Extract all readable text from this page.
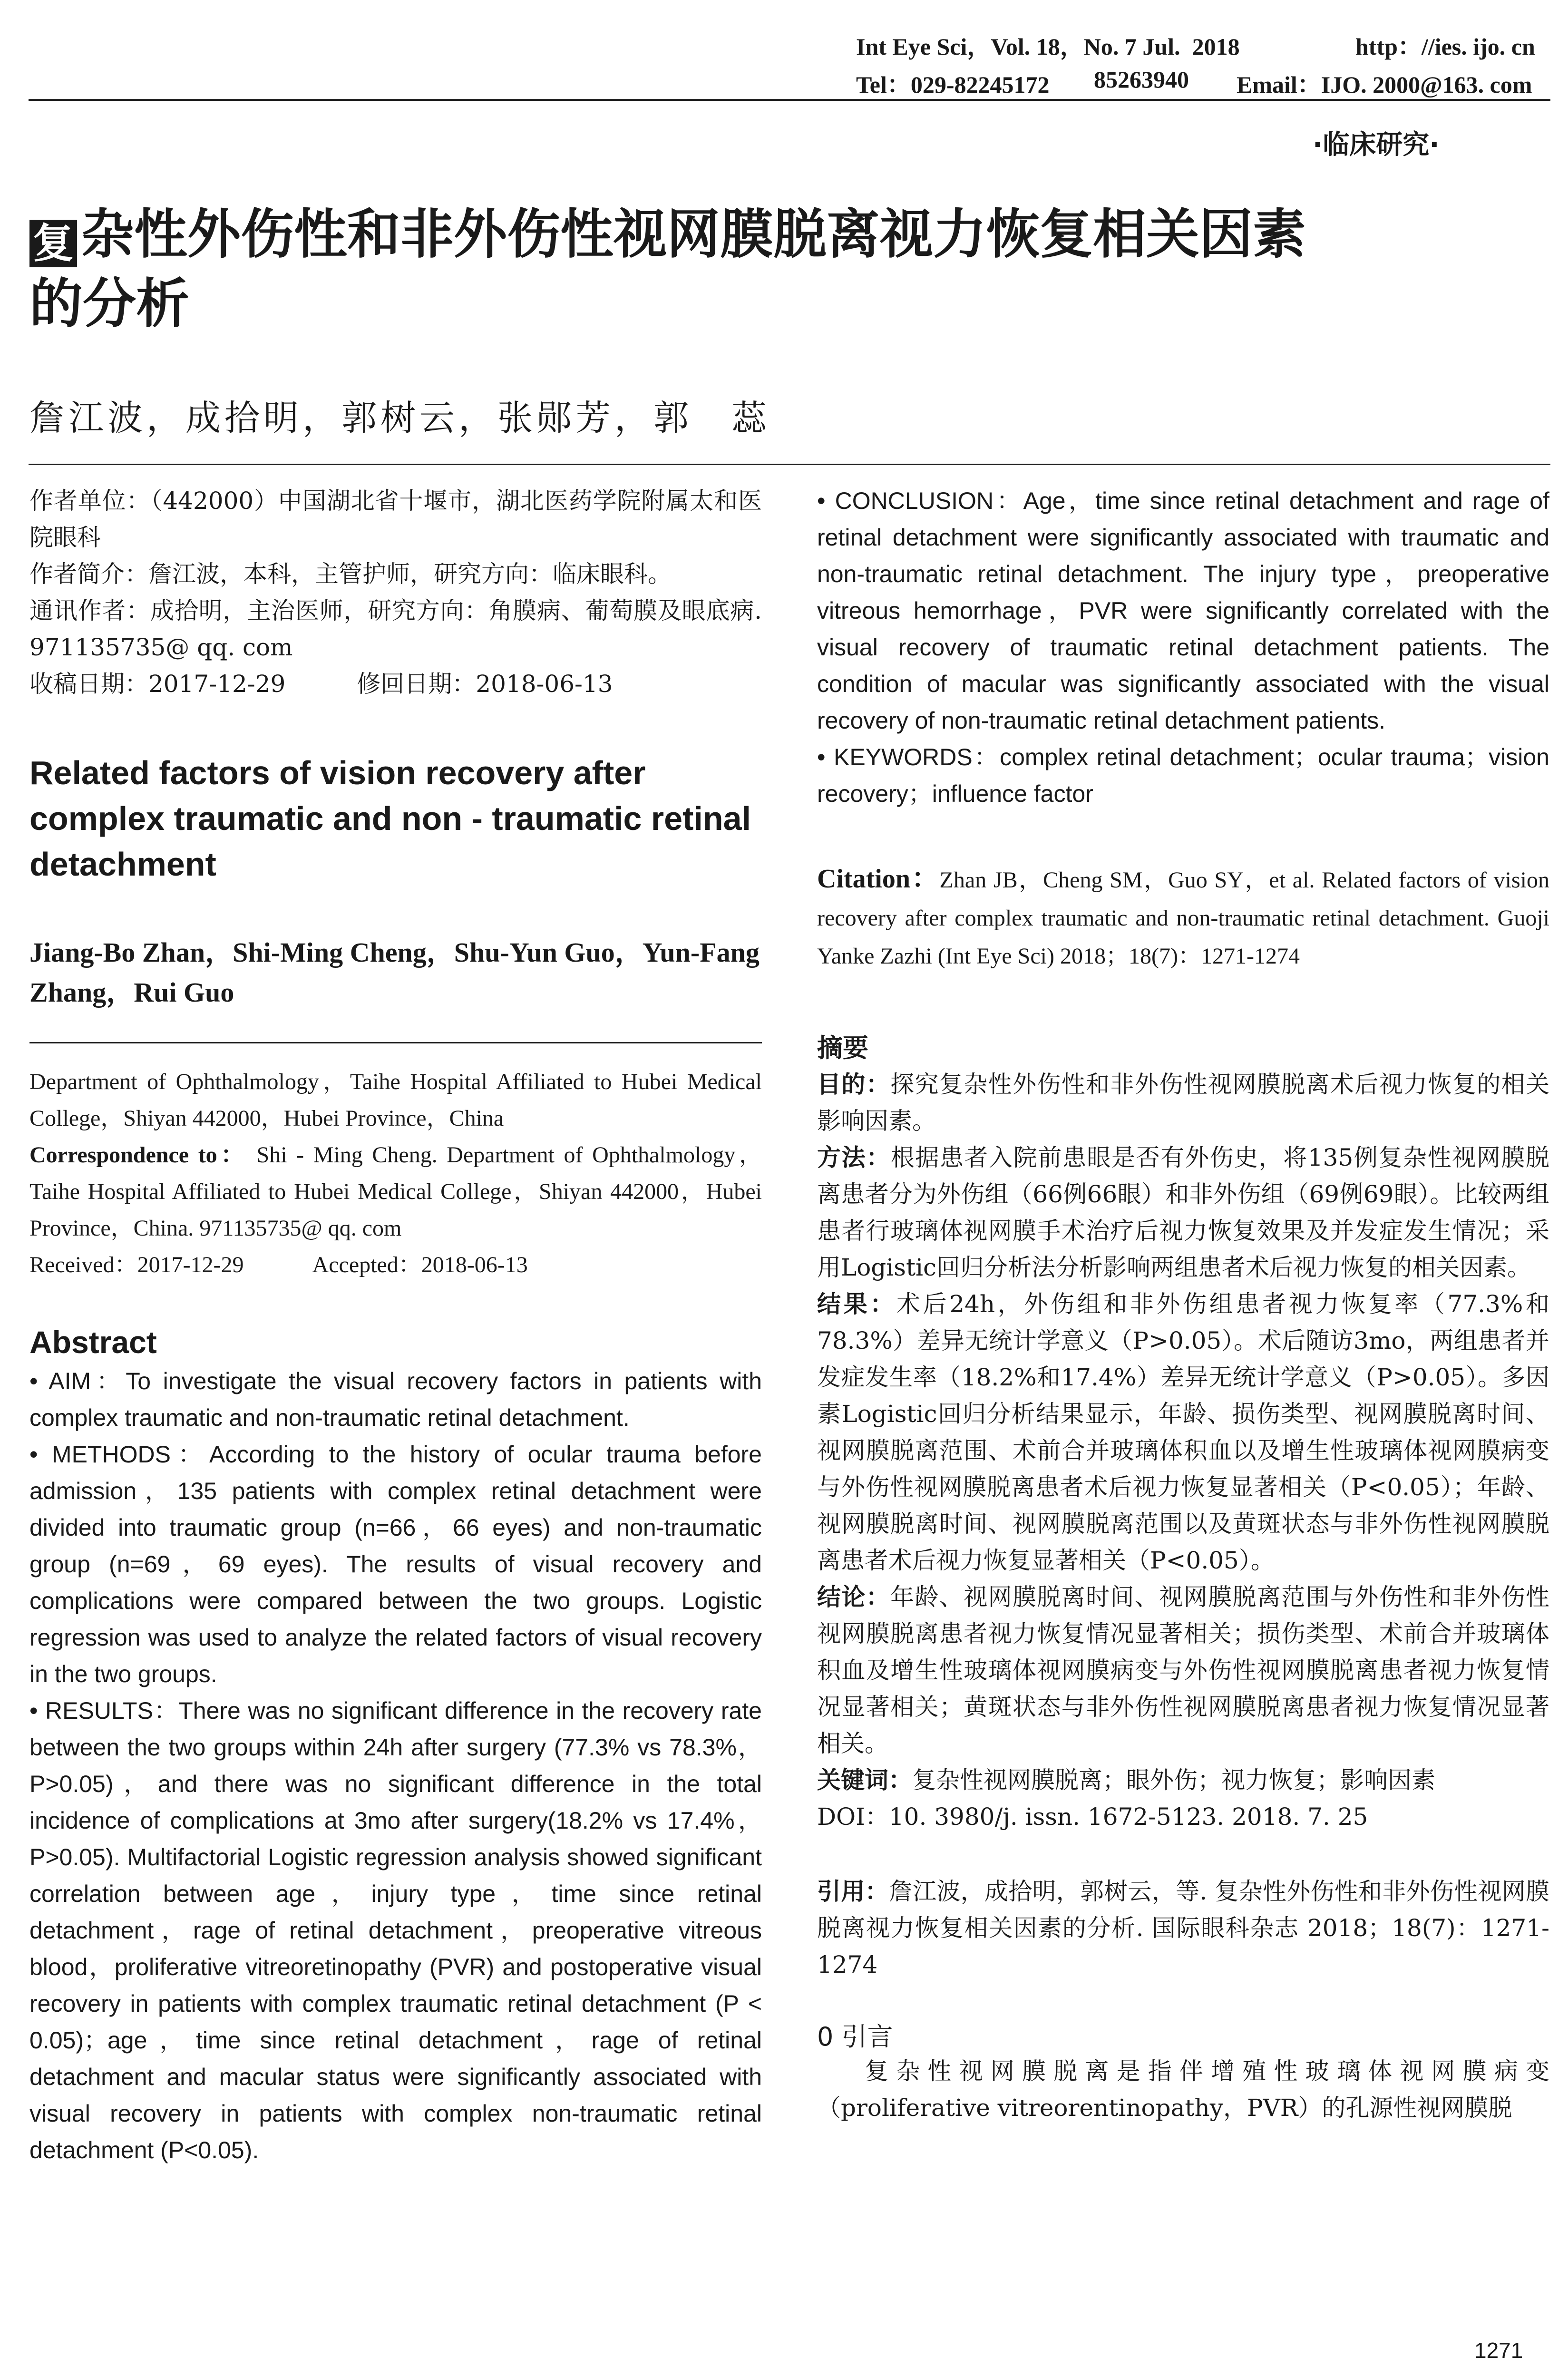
Int Eye Sci，Vol. 18，No. 7 Jul.  2018	http：//ies. ijo. cn
Tel：029-82245172 85263940 Email：IJO. 2000@163. com
·临床研究·
复 杂性外伤性和非外伤性视网膜脱离视力恢复相关因素
的分析
詹江波，成拾明，郭树云，张郧芳，郭　蕊

作者单位：（442000）中国湖北省十堰市，湖北医药学院附属太和医院眼科

作者简介：詹江波，本科，主管护师，研究方向：临床眼科。

通讯作者：成拾明，主治医师，研究方向：角膜病、葡萄膜及眼底病. 971135735@ qq. com

收稿日期：2017-12-29　　　修回日期：2018-06-13

Related factors of vision recovery after complex traumatic and non - traumatic retinal detachment

Jiang-Bo Zhan，Shi-Ming Cheng，Shu-Yun Guo，Yun-Fang Zhang，Rui Guo

Department of Ophthalmology，Taihe Hospital Affiliated to Hubei Medical College，Shiyan 442000，Hubei Province，China

Correspondence to： Shi - Ming Cheng. Department of Ophthalmology，Taihe Hospital Affiliated to Hubei Medical College，Shiyan 442000，Hubei Province，China. 971135735@ qq. com

Received：2017-12-29　　　Accepted：2018-06-13

Abstract

• AIM：To investigate the visual recovery factors in patients with complex traumatic and non-traumatic retinal detachment.

• METHODS：According to the history of ocular trauma before admission，135 patients with complex retinal detachment were divided into traumatic group (n=66，66 eyes) and non-traumatic group (n=69，69 eyes). The results of visual recovery and complications were compared between the two groups. Logistic regression was used to analyze the related factors of visual recovery in the two groups.

• RESULTS：There was no significant difference in the recovery rate between the two groups within 24h after surgery (77.3% vs 78.3%，P>0.05)，and there was no significant difference in the total incidence of complications at 3mo after surgery(18.2% vs 17.4%，P>0.05). Multifactorial Logistic regression analysis showed significant correlation between age，injury type，time since retinal detachment，rage of retinal detachment，preoperative vitreous blood，proliferative vitreoretinopathy (PVR) and postoperative visual recovery in patients with complex traumatic retinal detachment (P < 0.05)；age，time since retinal detachment，rage of retinal detachment and macular status were significantly associated with visual recovery in patients with complex non-traumatic retinal detachment (P<0.05).

• CONCLUSION：Age，time since retinal detachment and rage of retinal detachment were significantly associated with traumatic and non-traumatic retinal detachment. The injury type，preoperative vitreous hemorrhage，PVR were significantly correlated with the visual recovery of traumatic retinal detachment patients. The condition of macular was significantly associated with the visual recovery of non-traumatic retinal detachment patients.

• KEYWORDS：complex retinal detachment；ocular trauma；vision recovery；influence factor

Citation：Zhan JB，Cheng SM，Guo SY，et al. Related factors of vision recovery after complex traumatic and non-traumatic retinal detachment. Guoji Yanke Zazhi (Int Eye Sci) 2018；18(7)：1271-1274

摘要

目的：探究复杂性外伤性和非外伤性视网膜脱离术后视力恢复的相关影响因素。

方法：根据患者入院前患眼是否有外伤史，将135例复杂性视网膜脱离患者分为外伤组（66例66眼）和非外伤组（69例69眼）。比较两组患者行玻璃体视网膜手术治疗后视力恢复效果及并发症发生情况；采用Logistic回归分析法分析影响两组患者术后视力恢复的相关因素。

结果：术后24h，外伤组和非外伤组患者视力恢复率（77.3%和78.3%）差异无统计学意义（P>0.05）。术后随访3mo，两组患者并发症发生率（18.2%和17.4%）差异无统计学意义（P>0.05）。多因素Logistic回归分析结果显示，年龄、损伤类型、视网膜脱离时间、视网膜脱离范围、术前合并玻璃体积血以及增生性玻璃体视网膜病变与外伤性视网膜脱离患者术后视力恢复显著相关（P<0.05）；年龄、视网膜脱离时间、视网膜脱离范围以及黄斑状态与非外伤性视网膜脱离患者术后视力恢复显著相关（P<0.05）。

结论：年龄、视网膜脱离时间、视网膜脱离范围与外伤性和非外伤性视网膜脱离患者视力恢复情况显著相关；损伤类型、术前合并玻璃体积血及增生性玻璃体视网膜病变与外伤性视网膜脱离患者视力恢复情况显著相关；黄斑状态与非外伤性视网膜脱离患者视力恢复情况显著相关。

关键词：复杂性视网膜脱离；眼外伤；视力恢复；影响因素

DOI：10. 3980/j. issn. 1672-5123. 2018. 7. 25

引用：詹江波，成拾明，郭树云，等. 复杂性外伤性和非外伤性视网膜脱离视力恢复相关因素的分析. 国际眼科杂志 2018；18(7)：1271-1274

0 引言

复杂性视网膜脱离是指伴增殖性玻璃体视网膜病变（proliferative vitreorentinopathy，PVR）的孔源性视网膜脱

1271
